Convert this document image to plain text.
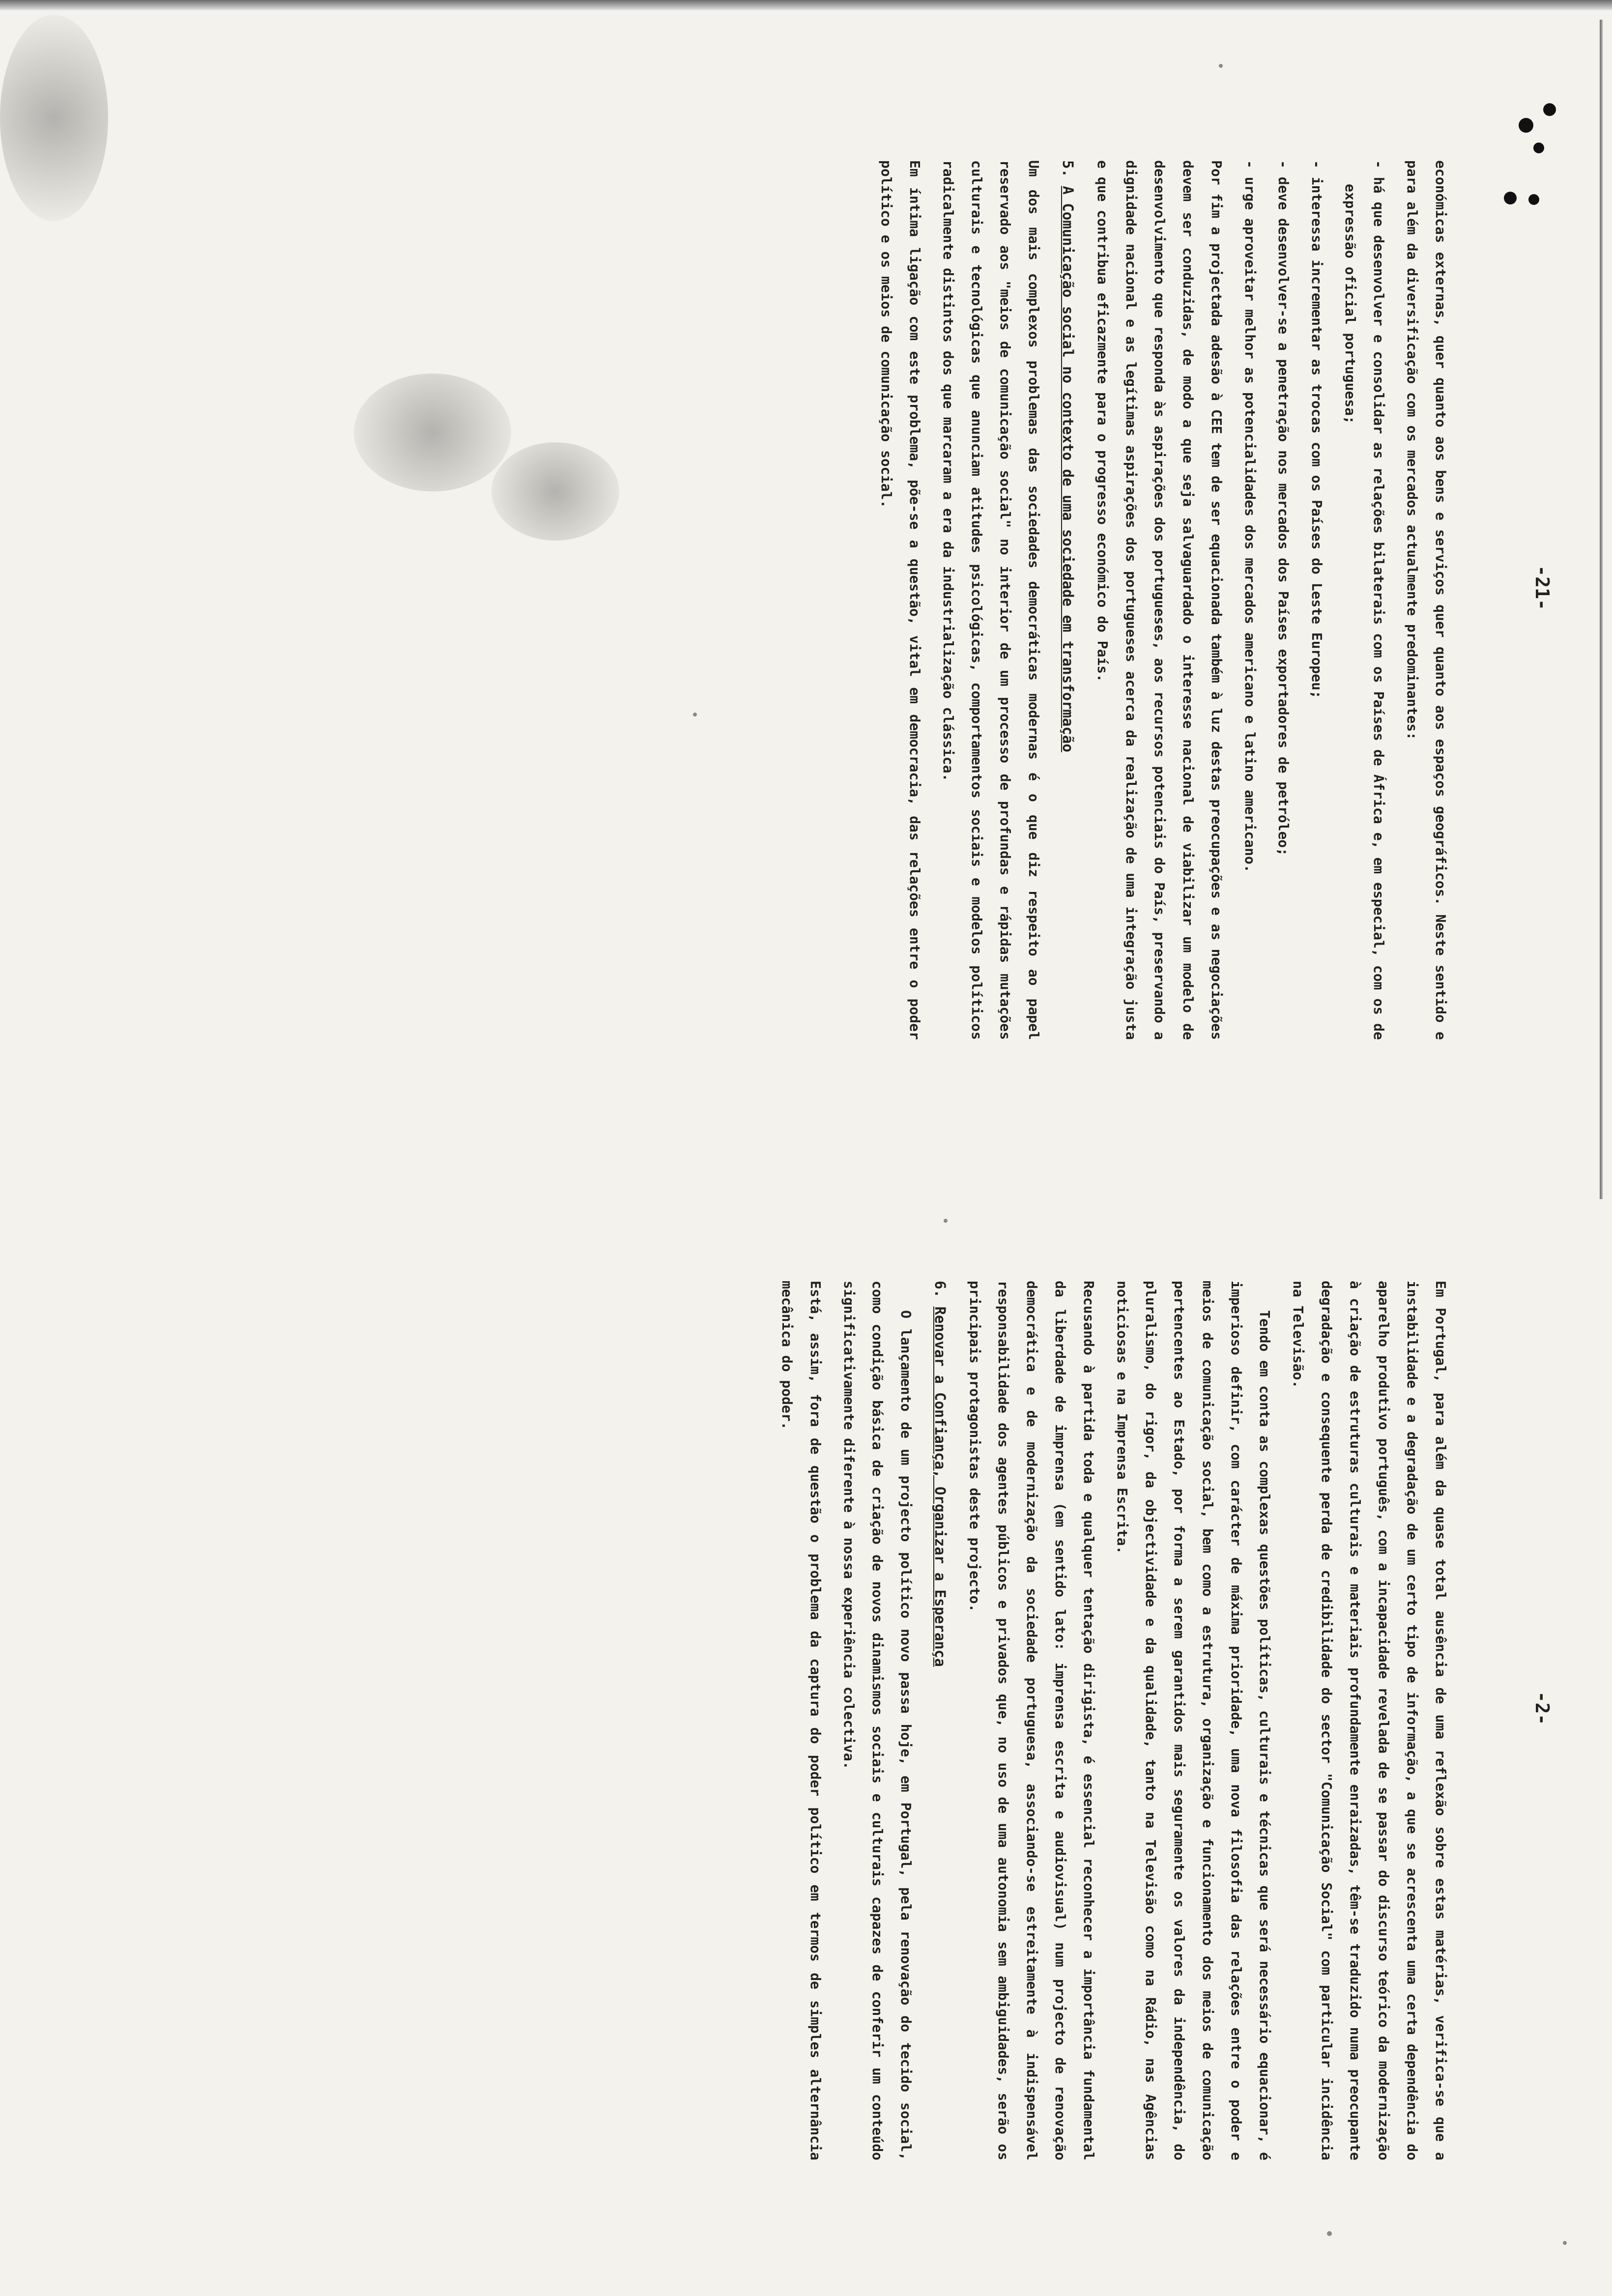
-21-

económicas externas, quer quanto aos bens e serviços quer quanto aos espaços geográficos. Neste sentido e para além da diversificação com os mercados actualmente predominantes:

- há que desenvolver e consolidar as relações bilaterais com os Países de África e, em especial, com os de expressão oficial portuguesa;

- interessa incrementar as trocas com os Países do Leste Europeu;

- deve desenvolver-se a penetração nos mercados dos Países exportadores de petróleo;

- urge aproveitar melhor as potencialidades dos mercados americano e latino americano.

Por fim a projectada adesão à CEE tem de ser equacionada também à luz destas preocupações e as negociações devem ser conduzidas, de modo a que seja salvaguardado o interesse nacional de viabilizar um modelo de desenvolvimento que responda às aspirações dos portugueses, aos recursos potenciais do País, preservando a dignidade nacional e as legítimas aspirações dos portugueses acerca da realização de uma integração justa e que contribua eficazmente para o progresso económico do País.

5. A Comunicação social no contexto de uma sociedade em transformação

Um dos mais complexos problemas das sociedades democráticas modernas é o que diz respeito ao papel reservado aos "meios de comunicação social" no interior de um processo de profundas e rápidas mutações culturais e tecnológicas que anunciam atitudes psicológicas, comportamentos sociais e modelos políticos radicalmente distintos dos que marcaram a era da industrialização clássica.

Em íntima ligação com este problema, põe-se a questão, vital em democracia, das relações entre o poder político e os meios de comunicação social.

-2-

Em Portugal, para além da quase total ausência de uma reflexão sobre estas matérias, verifica-se que a instabilidade e a degradação de um certo tipo de informação, a que se acrescenta uma certa dependência do aparelho produtivo português, com a incapacidade revelada de se passar do discurso teórico da modernização à criação de estruturas culturais e materiais profundamente enraizadas, têm-se traduzido numa preocupante degradação e consequente perda de credibilidade do sector "Comunicação Social" com particular incidência na Televisão.

Tendo em conta as complexas questões políticas, culturais e técnicas que será necessário equacionar, é imperioso definir, com carácter de máxima prioridade, uma nova filosofia das relações entre o poder e meios de comunicação social, bem como a estrutura, organização e funcionamento dos meios de comunicação pertencentes ao Estado, por forma a serem garantidos mais seguramente os valores da independência, do pluralismo, do rigor, da objectividade e da qualidade, tanto na Televisão como na Rádio, nas Agências noticiosas e na Imprensa Escrita.

Recusando à partida toda e qualquer tentação dirigista, é essencial reconhecer a importância fundamental da liberdade de imprensa (em sentido lato: imprensa escrita e audiovisual) num projecto de renovação democrática e de modernização da sociedade portuguesa, associando-se estreitamente à indispensável responsabilidade dos agentes públicos e privados que, no uso de uma autonomia sem ambiguidades, serão os principais protagonistas deste projecto.

6. Renovar a Confiança, Organizar a Esperança

O lançamento de um projecto político novo passa hoje, em Portugal, pela renovação do tecido social, como condição básica de criação de novos dinamismos sociais e culturais capazes de conferir um conteúdo significativamente diferente à nossa experiência colectiva.

Está, assim, fora de questão o problema da captura do poder político em termos de simples alternância mecânica do poder.
